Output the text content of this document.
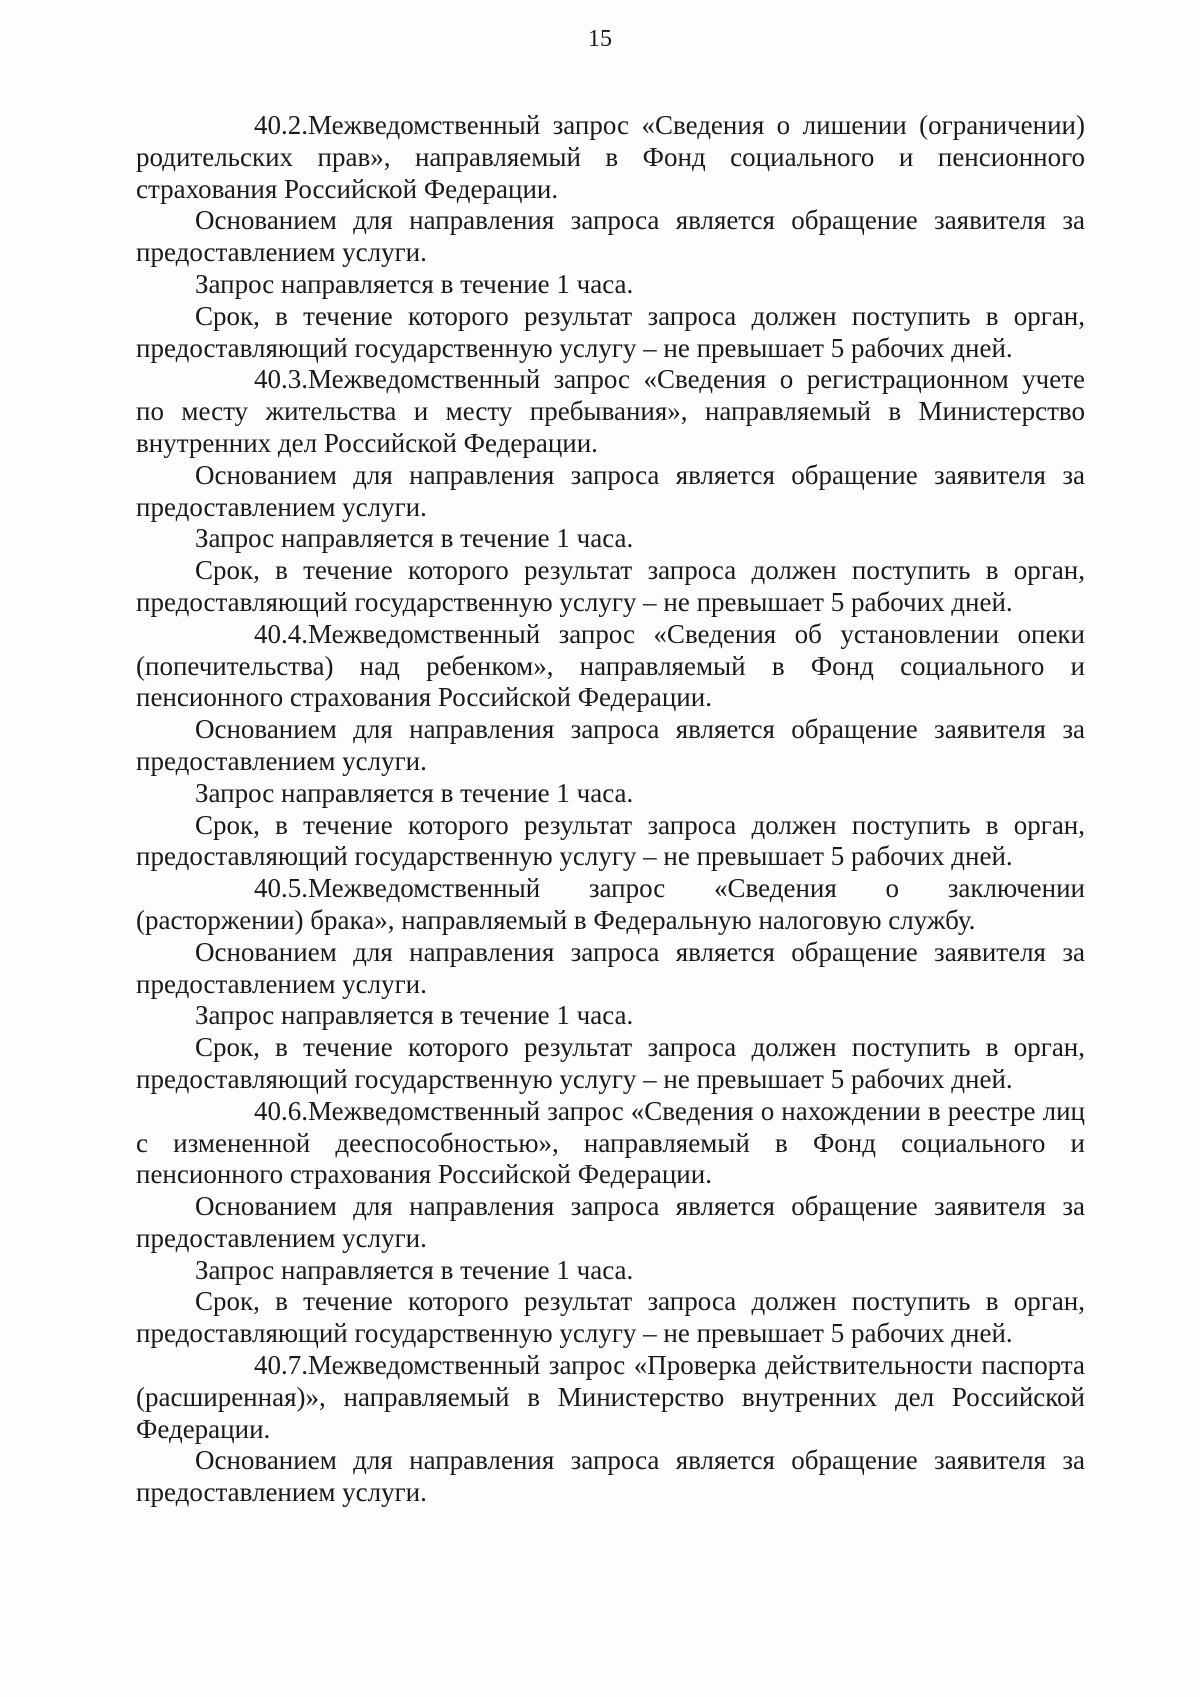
15

40.2.Межведомственный запрос «Сведения о лишении (ограничении) родительских прав», направляемый в Фонд социального и пенсионного страхования Российской Федерации.

Основанием для направления запроса является обращение заявителя за предоставлением услуги.

Запрос направляется в течение 1 часа.

Срок, в течение которого результат запроса должен поступить в орган, предоставляющий государственную услугу – не превышает 5 рабочих дней.

40.3.Межведомственный запрос «Сведения о регистрационном учете по месту жительства и месту пребывания», направляемый в Министерство внутренних дел Российской Федерации.

Основанием для направления запроса является обращение заявителя за предоставлением услуги.

Запрос направляется в течение 1 часа.

Срок, в течение которого результат запроса должен поступить в орган, предоставляющий государственную услугу – не превышает 5 рабочих дней.

40.4.Межведомственный запрос «Сведения об установлении опеки (попечительства) над ребенком», направляемый в Фонд социального и пенсионного страхования Российской Федерации.

Основанием для направления запроса является обращение заявителя за предоставлением услуги.

Запрос направляется в течение 1 часа.

Срок, в течение которого результат запроса должен поступить в орган, предоставляющий государственную услугу – не превышает 5 рабочих дней.

40.5.Межведомственный запрос «Сведения о заключении (расторжении) брака», направляемый в Федеральную налоговую службу.

Основанием для направления запроса является обращение заявителя за предоставлением услуги.

Запрос направляется в течение 1 часа.

Срок, в течение которого результат запроса должен поступить в орган, предоставляющий государственную услугу – не превышает 5 рабочих дней.

40.6.Межведомственный запрос «Сведения о нахождении в реестре лиц с измененной дееспособностью», направляемый в Фонд социального и пенсионного страхования Российской Федерации.

Основанием для направления запроса является обращение заявителя за предоставлением услуги.

Запрос направляется в течение 1 часа.

Срок, в течение которого результат запроса должен поступить в орган, предоставляющий государственную услугу – не превышает 5 рабочих дней.

40.7.Межведомственный запрос «Проверка действительности паспорта (расширенная)», направляемый в Министерство внутренних дел Российской Федерации.

Основанием для направления запроса является обращение заявителя за предоставлением услуги.
